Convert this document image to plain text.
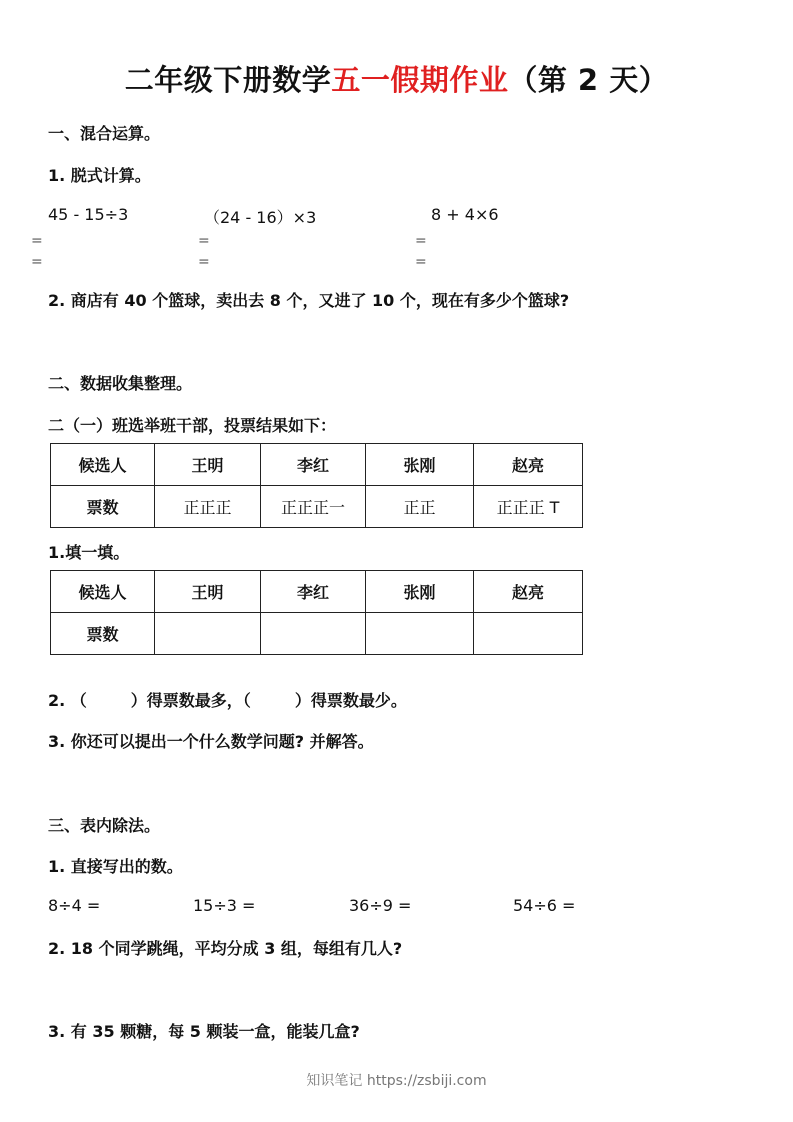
二年级下册数学五一假期作业（第 2 天）
一、混合运算。
1. 脱式计算。
45 - 15÷3	（24 - 16）×3	8 + 4×6
=
=
=
=
=
=
2. 商店有 40 个篮球，卖出去 8 个，又进了 10 个，现在有多少个篮球?
二、数据收集整理。
二（一）班选举班干部，投票结果如下：
候选人	王明	李红	张刚	赵亮
票数	正正正	正正正一	正正	正正正 T
1.填一填。
候选人	王明	李红	张刚	赵亮
票数				
2. （	）得票数最多，（	）得票数最少。
3. 你还可以提出一个什么数学问题? 并解答。
三、表内除法。
1. 直接写出的数。
8÷4 =	15÷3 =	36÷9 =	54÷6 =
2. 18 个同学跳绳，平均分成 3 组，每组有几人?
3. 有 35 颗糖，每 5 颗装一盒，能装几盒?
知识笔记 https://zsbiji.com
